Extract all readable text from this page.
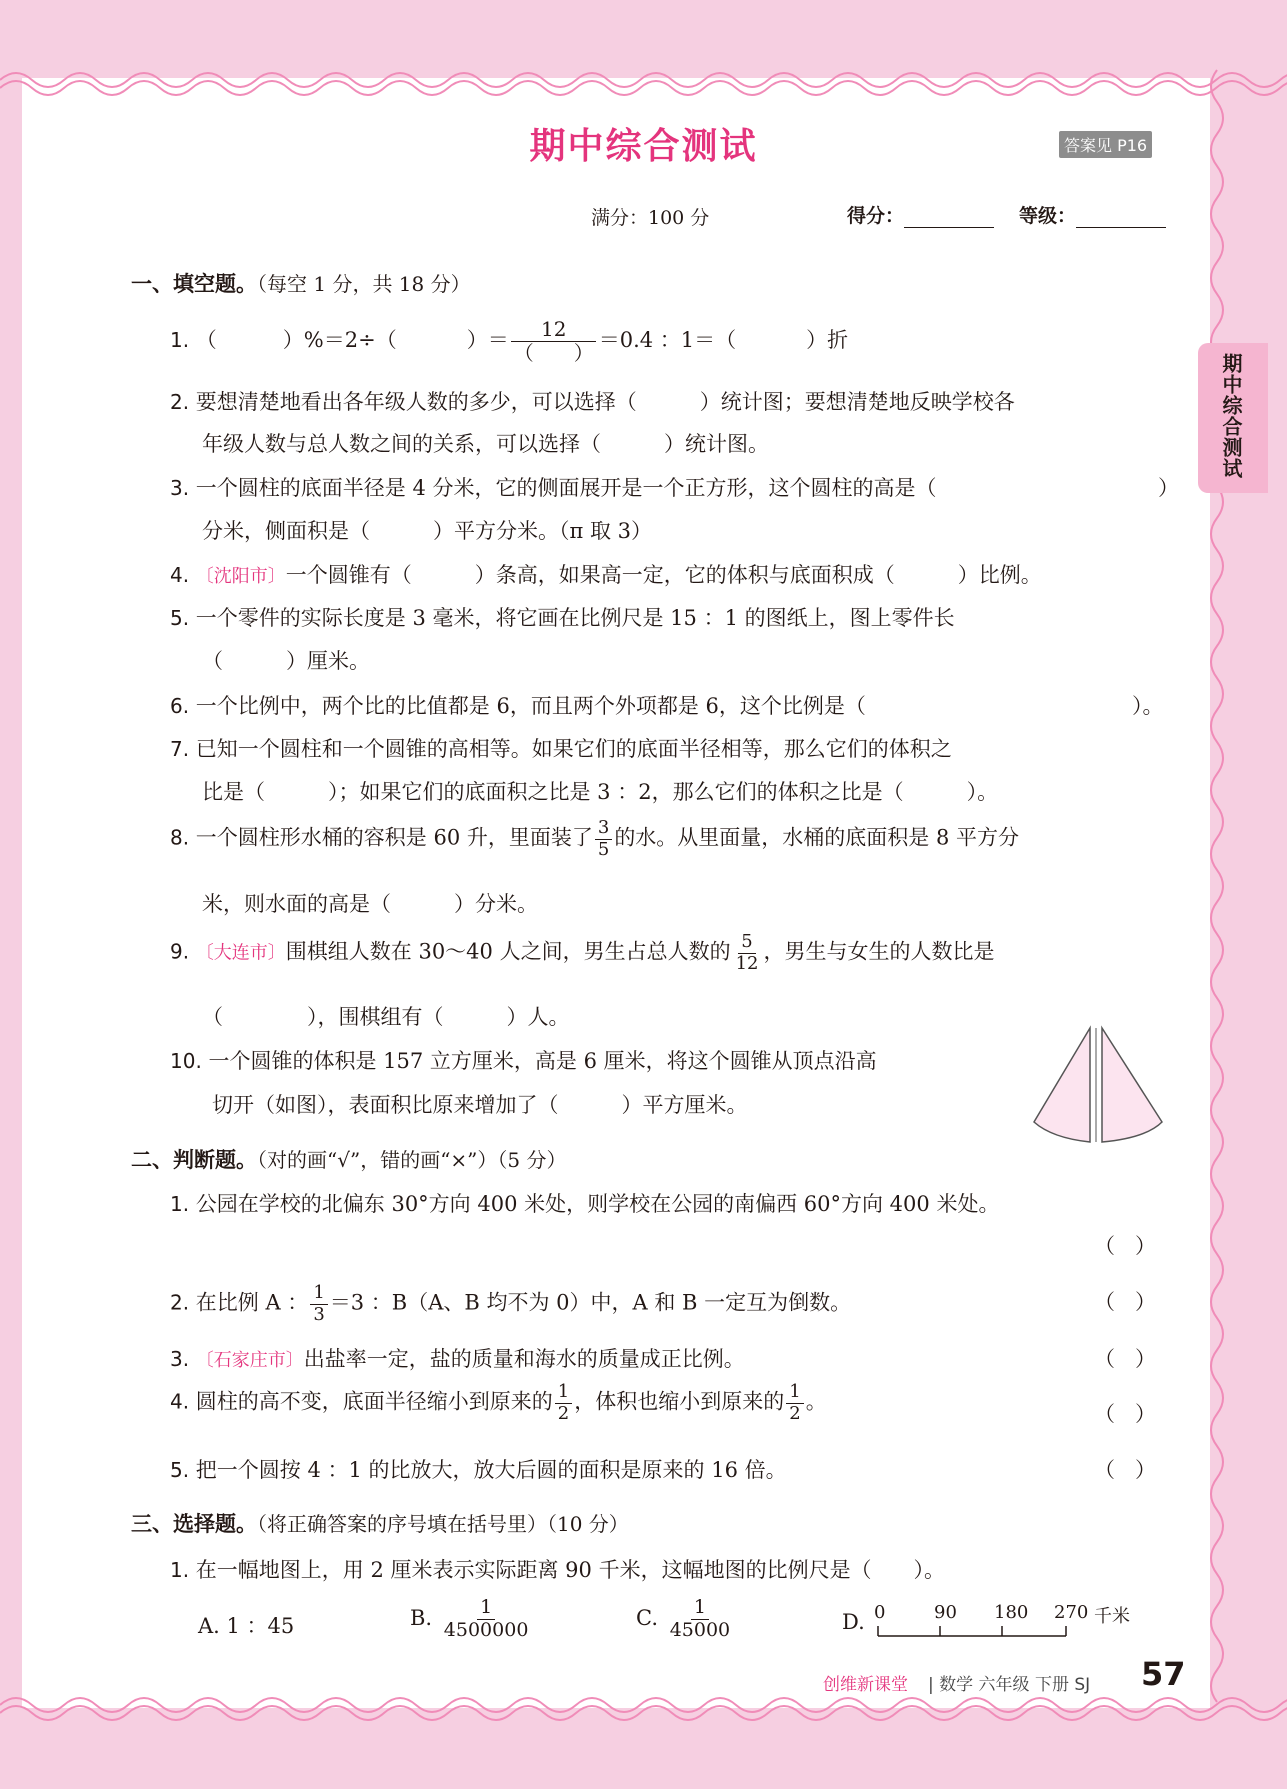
期中综合测试	答案见 P16
满分：100 分	得分：	等级：
期中综合测试
一、填空题。（每空 1 分，共 18 分）
1. （	）%＝2÷（	）＝ $\frac{12}{( )} =0.4$ ：1＝（	）折
2. 要想清楚地看出各年级人数的多少，可以选择（　　　）统计图；要想清楚地反映学校各
年级人数与总人数之间的关系，可以选择（　　　）统计图。
3. 一个圆柱的底面半径是 4 分米，它的侧面展开是一个正方形，这个圆柱的高是（	）
分米，侧面积是（　　　）平方分米。（π 取 3）
4. 〔沈阳市〕一个圆锥有（　　　）条高，如果高一定，它的体积与底面积成（　　　）比例。
5. 一个零件的实际长度是 3 毫米，将它画在比例尺是 15 ：1 的图纸上，图上零件长
（　　　）厘米。
6. 一个比例中，两个比的比值都是 6，而且两个外项都是 6，这个比例是（	）。
7. 已知一个圆柱和一个圆锥的高相等。如果它们的底面半径相等，那么它们的体积之
比是（　　　）；如果它们的底面积之比是 3 ：2，那么它们的体积之比是（　　　）。
8. 一个圆柱形水桶的容积是 60 升，里面装了 $\frac{3}{5}$ 的水。从里面量，水桶的底面积是 8 平方分
米，则水面的高是（　　　）分米。
9. 〔大连市〕围棋组人数在 30～40 人之间，男生占总人数的 $\frac{5}{12}$ ，男生与女生的人数比是
（　　　　），围棋组有（　　　）人。
10. 一个圆锥的体积是 157 立方厘米，高是 6 厘米，将这个圆锥从顶点沿高
切开（如图），表面积比原来增加了（　　　）平方厘米。
二、判断题。（对的画“√”，错的画“×”）（5 分）
1. 公园在学校的北偏东 30°方向 400 米处，则学校在公园的南偏西 60°方向 400 米处。
（ ）
2. 在比例 A ： $\frac{1}{3} =3$ ：B（A、B 均不为 0）中，A 和 B 一定互为倒数。	（ ）
3. 〔石家庄市〕出盐率一定，盐的质量和海水的质量成正比例。	（ ）
4. 圆柱的高不变，底面半径缩小到原来的 $\frac{1}{2}$ ，体积也缩小到原来的 $\frac{1}{2}$ 。
（ ）
5. 把一个圆按 4 ：1 的比放大，放大后圆的面积是原来的 16 倍。	（ ）
三、选择题。（将正确答案的序号填在括号里）（10 分）
1. 在一幅地图上，用 2 厘米表示实际距离 90 千米，这幅地图的比例尺是（　　）。
A. 1 ：45	B. $\frac{1}{4500000}$	C. $\frac{1}{45000}$	D. 0	90 180 270 千米
创维新课堂 | 数学 六年级 下册 SJ 57
